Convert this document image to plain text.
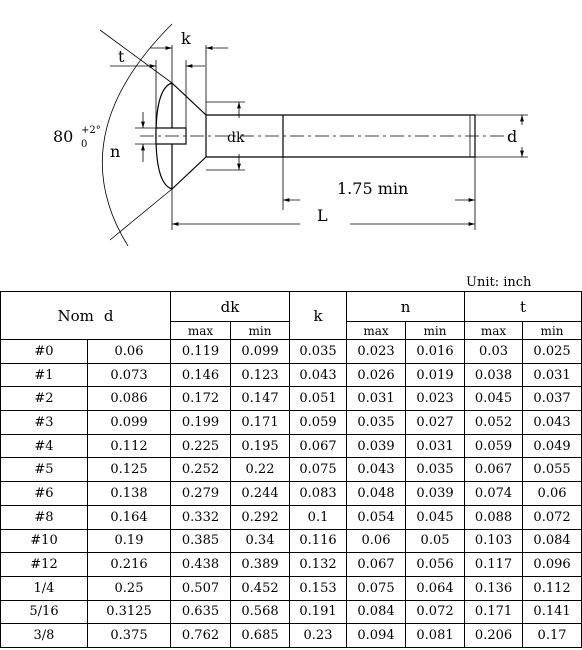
t
k
80 +2°
0 n
dk	d
1.75 min
L
Unit: inch
Nom d		dk		k	n		t	
		max	min		max	min	max	min
#0	0.06	0.119	0.099	0.035	0.023	0.016	0.03	0.025
#1	0.073	0.146	0.123	0.043	0.026	0.019	0.038	0.031
#2	0.086	0.172	0.147	0.051	0.031	0.023	0.045	0.037
#3	0.099	0.199	0.171	0.059	0.035	0.027	0.052	0.043
#4	0.112	0.225	0.195	0.067	0.039	0.031	0.059	0.049
#5	0.125	0.252	0.22	0.075	0.043	0.035	0.067	0.055
#6	0.138	0.279	0.244	0.083	0.048	0.039	0.074	0.06
#8	0.164	0.332	0.292	0.1	0.054	0.045	0.088	0.072
#10	0.19	0.385	0.34	0.116	0.06	0.05	0.103	0.084
#12	0.216	0.438	0.389	0.132	0.067	0.056	0.117	0.096
1/4	0.25	0.507	0.452	0.153	0.075	0.064	0.136	0.112
5/16	0.3125	0.635	0.568	0.191	0.084	0.072	0.171	0.141
3/8	0.375	0.762	0.685	0.23	0.094	0.081	0.206	0.17
